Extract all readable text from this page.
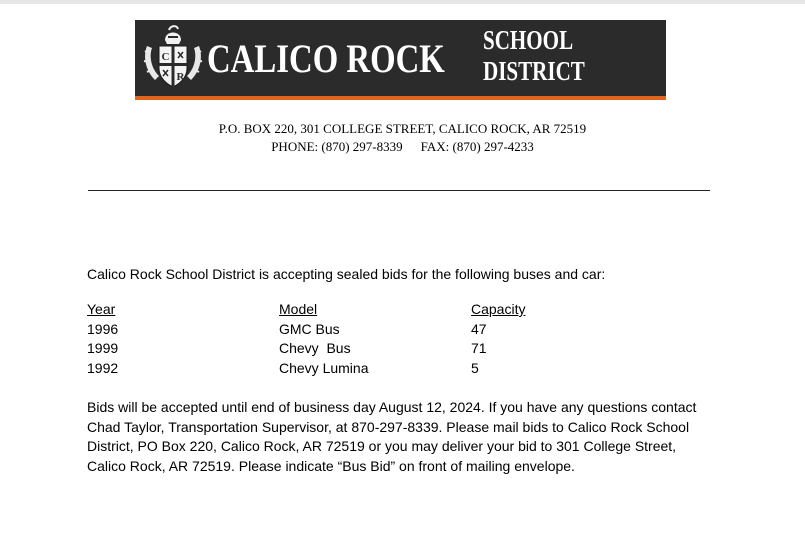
C
R CALICO ROCK	SCHOOL
DISTRICT
P.O. BOX 220, 301 COLLEGE STREET, CALICO ROCK, AR 72519
PHONE: (870) 297-8339 FAX: (870) 297-4233
Calico Rock School District is accepting sealed bids for the following buses and car:
Year	Model	Capacity
1996	GMC Bus	47
1999	Chevy  Bus	71
1992	Chevy Lumina	5
Bids will be accepted until end of business day August 12, 2024. If you have any questions contact Chad Taylor, Transportation Supervisor, at 870-297-8339. Please mail bids to Calico Rock School District, PO Box 220, Calico Rock, AR 72519 or you may deliver your bid to 301 College Street, Calico Rock, AR 72519. Please indicate “Bus Bid” on front of mailing envelope.
